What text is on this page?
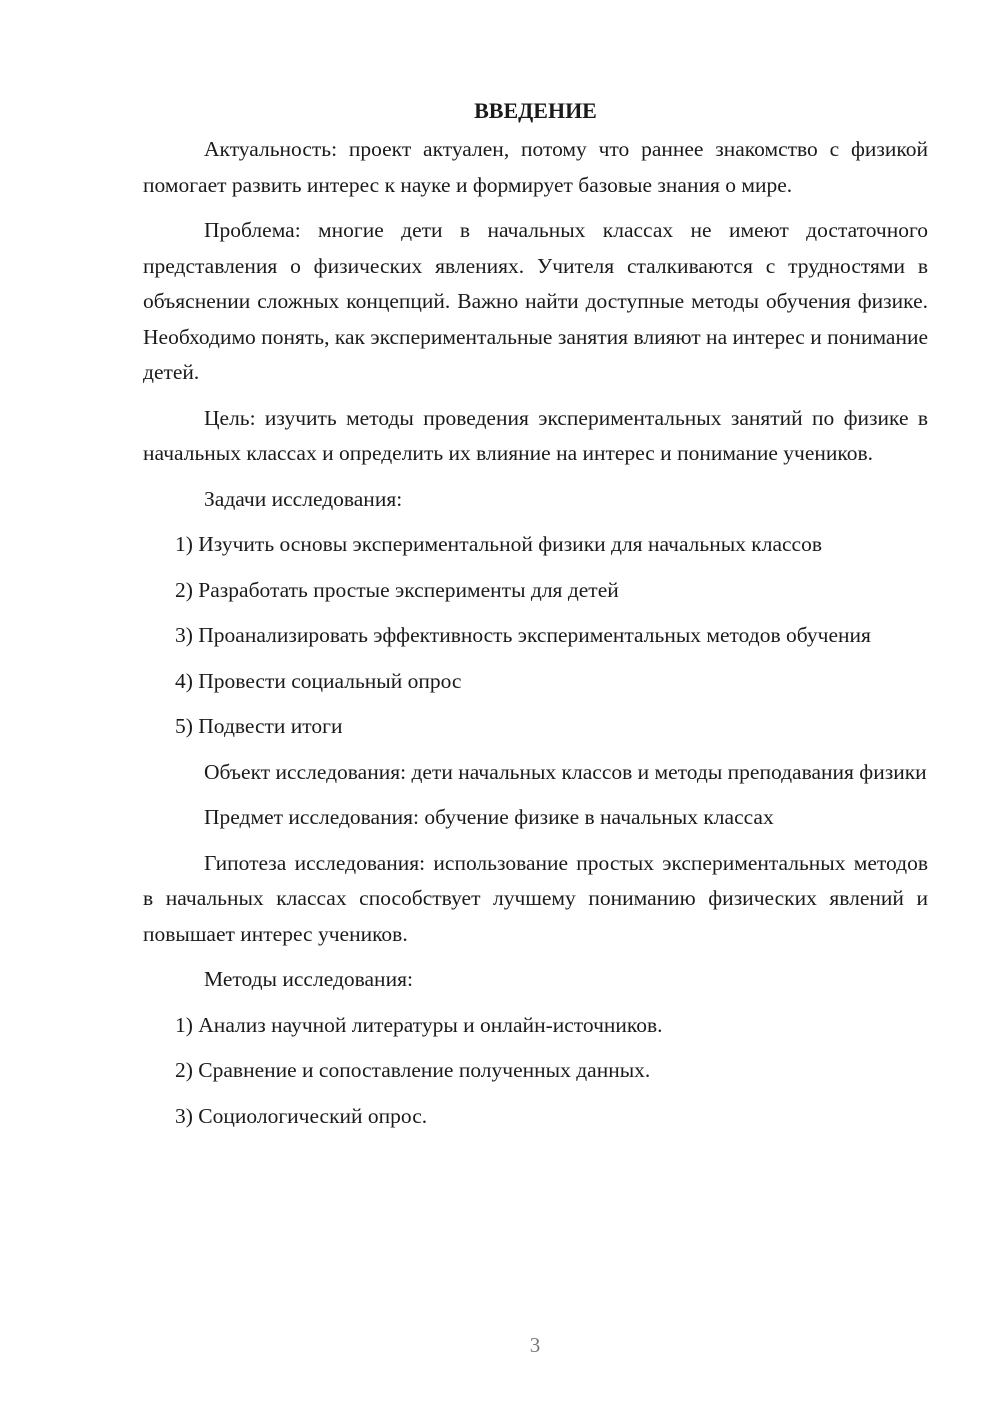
ВВЕДЕНИЕ

Актуальность: проект актуален, потому что раннее знакомство с физикой помогает развить интерес к науке и формирует базовые знания о мире.

Проблема: многие дети в начальных классах не имеют достаточного представления о физических явлениях. Учителя сталкиваются с трудностями в объяснении сложных концепций. Важно найти доступные методы обучения физике. Необходимо понять, как экспериментальные занятия влияют на интерес и понимание детей.

Цель: изучить методы проведения экспериментальных занятий по физике в начальных классах и определить их влияние на интерес и понимание учеников.

Задачи исследования:

1) Изучить основы экспериментальной физики для начальных классов

2) Разработать простые эксперименты для детей

3) Проанализировать эффективность экспериментальных методов обучения

4) Провести социальный опрос

5) Подвести итоги

Объект исследования: дети начальных классов и методы преподавания физики

Предмет исследования: обучение физике в начальных классах

Гипотеза исследования: использование простых экспериментальных методов в начальных классах способствует лучшему пониманию физических явлений и повышает интерес учеников.

Методы исследования:

1) Анализ научной литературы и онлайн-источников.

2) Сравнение и сопоставление полученных данных.

3) Социологический опрос.

3
